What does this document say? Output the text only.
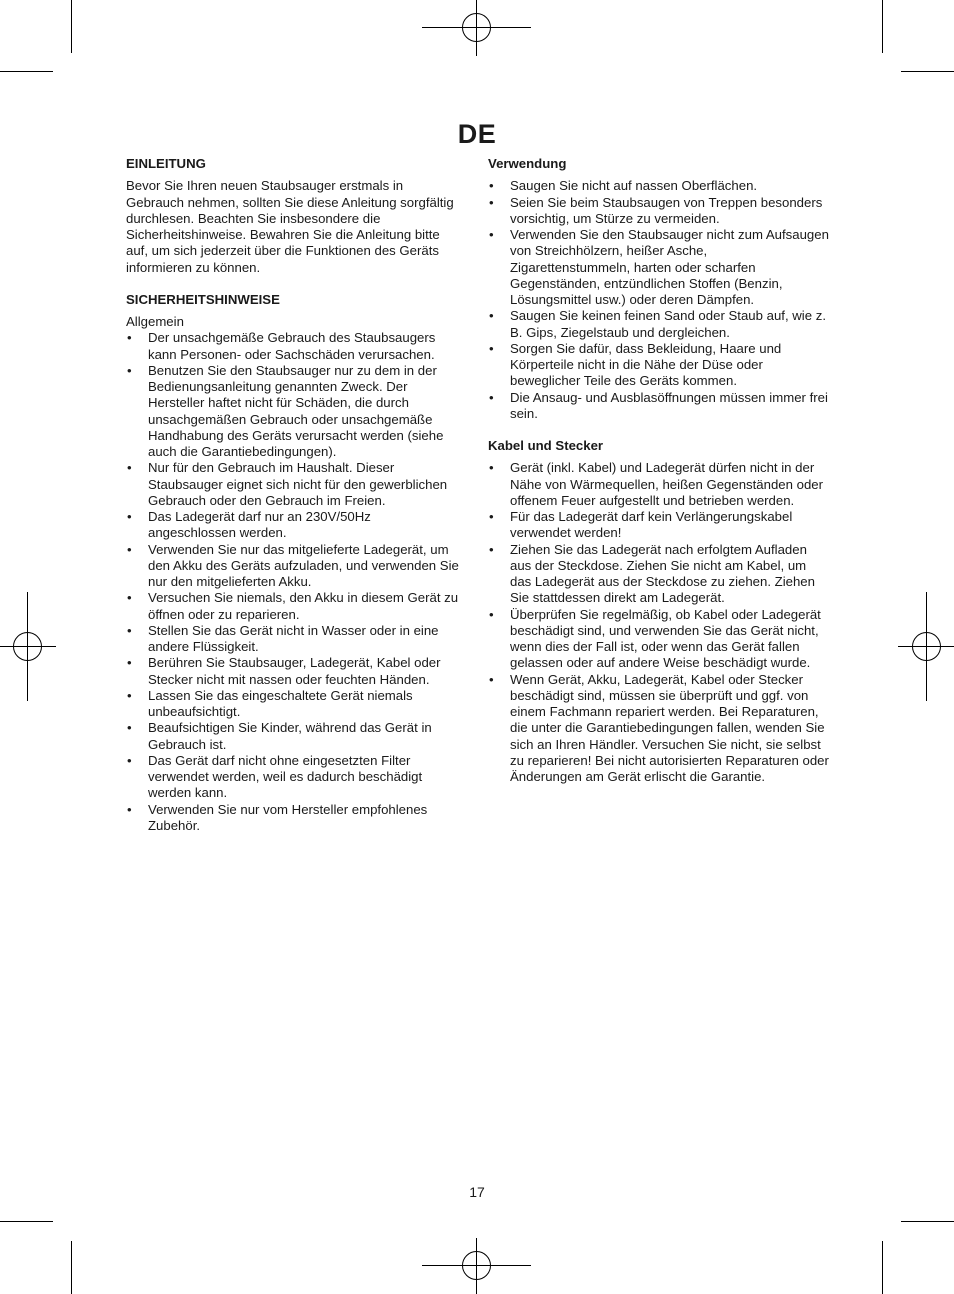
DE
EINLEITUNG

Bevor Sie Ihren neuen Staubsauger erstmals in Gebrauch nehmen, sollten Sie diese Anleitung sorgfältig durchlesen. Beachten Sie insbesondere die Sicherheitshinweise. Bewahren Sie die Anleitung bitte auf, um sich jederzeit über die Funktionen des Geräts informieren zu können.

SICHERHEITSHINWEISE

Allgemein

• Der unsachgemäße Gebrauch des Staubsaugers kann Personen- oder Sachschäden verursachen.
• Benutzen Sie den Staubsauger nur zu dem in der Bedienungsanleitung genannten Zweck. Der Hersteller haftet nicht für Schäden, die durch unsachgemäßen Gebrauch oder unsachgemäße Handhabung des Geräts verursacht werden (siehe auch die Garantiebedingungen).
• Nur für den Gebrauch im Haushalt. Dieser Staubsauger eignet sich nicht für den gewerblichen Gebrauch oder den Gebrauch im Freien.
• Das Ladegerät darf nur an 230V/50Hz angeschlossen werden.
• Verwenden Sie nur das mitgelieferte Ladegerät, um den Akku des Geräts aufzuladen, und verwenden Sie nur den mitgelieferten Akku.
• Versuchen Sie niemals, den Akku in diesem Gerät zu öffnen oder zu reparieren.
• Stellen Sie das Gerät nicht in Wasser oder in eine andere Flüssigkeit.
• Berühren Sie Staubsauger, Ladegerät, Kabel oder Stecker nicht mit nassen oder feuchten Händen.
• Lassen Sie das eingeschaltete Gerät niemals unbeaufsichtigt.
• Beaufsichtigen Sie Kinder, während das Gerät in Gebrauch ist.
• Das Gerät darf nicht ohne eingesetzten Filter verwendet werden, weil es dadurch beschädigt werden kann.
• Verwenden Sie nur vom Hersteller empfohlenes Zubehör.
Verwendung
• Saugen Sie nicht auf nassen Oberflächen.
• Seien Sie beim Staubsaugen von Treppen besonders vorsichtig, um Stürze zu vermeiden.
• Verwenden Sie den Staubsauger nicht zum Aufsaugen von Streichhölzern, heißer Asche, Zigarettenstummeln, harten oder scharfen Gegenständen, entzündlichen Stoffen (Benzin, Lösungsmittel usw.) oder deren Dämpfen.
• Saugen Sie keinen feinen Sand oder Staub auf, wie z. B. Gips, Ziegelstaub und dergleichen.
• Sorgen Sie dafür, dass Bekleidung, Haare und Körperteile nicht in die Nähe der Düse oder beweglicher Teile des Geräts kommen.
• Die Ansaug- und Ausblasöffnungen müssen immer frei sein.
Kabel und Stecker
• Gerät (inkl. Kabel) und Ladegerät dürfen nicht in der Nähe von Wärmequellen, heißen Gegenständen oder offenem Feuer aufgestellt und betrieben werden.
• Für das Ladegerät darf kein Verlängerungskabel verwendet werden!
• Ziehen Sie das Ladegerät nach erfolgtem Aufladen aus der Steckdose. Ziehen Sie nicht am Kabel, um das Ladegerät aus der Steckdose zu ziehen. Ziehen Sie stattdessen direkt am Ladegerät.
• Überprüfen Sie regelmäßig, ob Kabel oder Ladegerät beschädigt sind, und verwenden Sie das Gerät nicht, wenn dies der Fall ist, oder wenn das Gerät fallen gelassen oder auf andere Weise beschädigt wurde.
• Wenn Gerät, Akku, Ladegerät, Kabel oder Stecker beschädigt sind, müssen sie überprüft und ggf. von einem Fachmann repariert werden. Bei Reparaturen, die unter die Garantiebedingungen fallen, wenden Sie sich an Ihren Händler. Versuchen Sie nicht, sie selbst zu reparieren! Bei nicht autorisierten Reparaturen oder Änderungen am Gerät erlischt die Garantie.
17
